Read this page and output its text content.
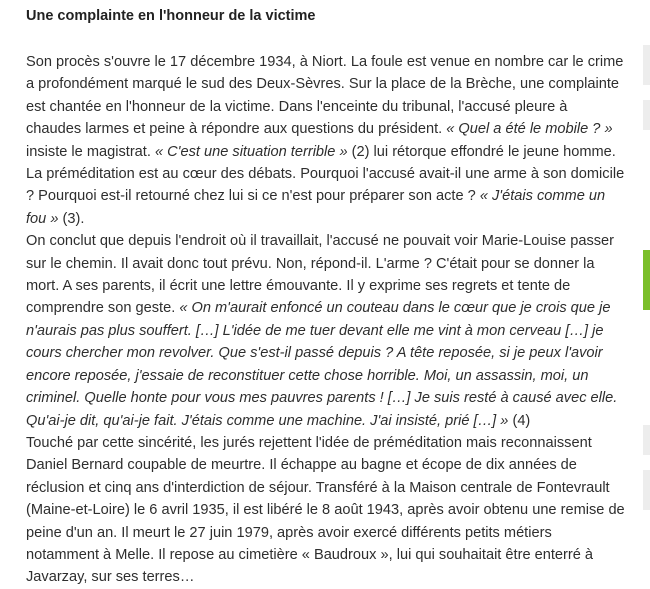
Une complainte en l'honneur de la victime

Son procès s'ouvre le 17 décembre 1934, à Niort. La foule est venue en nombre car le crime a profondément marqué le sud des Deux-Sèvres. Sur la place de la Brèche, une complainte est chantée en l'honneur de la victime. Dans l'enceinte du tribunal, l'accusé pleure à chaudes larmes et peine à répondre aux questions du président. « Quel a été le mobile ? » insiste le magistrat. « C'est une situation terrible » (2) lui rétorque effondré le jeune homme. La préméditation est au cœur des débats. Pourquoi l'accusé avait-il une arme à son domicile ? Pourquoi est-il retourné chez lui si ce n'est pour préparer son acte ? « J'étais comme un fou » (3).

On conclut que depuis l'endroit où il travaillait, l'accusé ne pouvait voir Marie-Louise passer sur le chemin. Il avait donc tout prévu. Non, répond-il. L'arme ? C'était pour se donner la mort. A ses parents, il écrit une lettre émouvante. Il y exprime ses regrets et tente de comprendre son geste. « On m'aurait enfoncé un couteau dans le cœur que je crois que je n'aurais pas plus souffert. […] L'idée de me tuer devant elle me vint à mon cerveau […] je cours chercher mon revolver. Que s'est-il passé depuis ? A tête reposée, si je peux l'avoir encore reposée, j'essaie de reconstituer cette chose horrible. Moi, un assassin, moi, un criminel. Quelle honte pour vous mes pauvres parents ! […] Je suis resté à causé avec elle. Qu'ai-je dit, qu'ai-je fait. J'étais comme une machine. J'ai insisté, prié […] » (4)

Touché par cette sincérité, les jurés rejettent l'idée de préméditation mais reconnaissent Daniel Bernard coupable de meurtre. Il échappe au bagne et écope de dix années de réclusion et cinq ans d'interdiction de séjour. Transféré à la Maison centrale de Fontevrault (Maine-et-Loire) le 6 avril 1935, il est libéré le 8 août 1943, après avoir obtenu une remise de peine d'un an. Il meurt le 27 juin 1979, après avoir exercé différents petits métiers notamment à Melle. Il repose au cimetière « Baudroux », lui qui souhaitait être enterré à Javarzay, sur ses terres…
